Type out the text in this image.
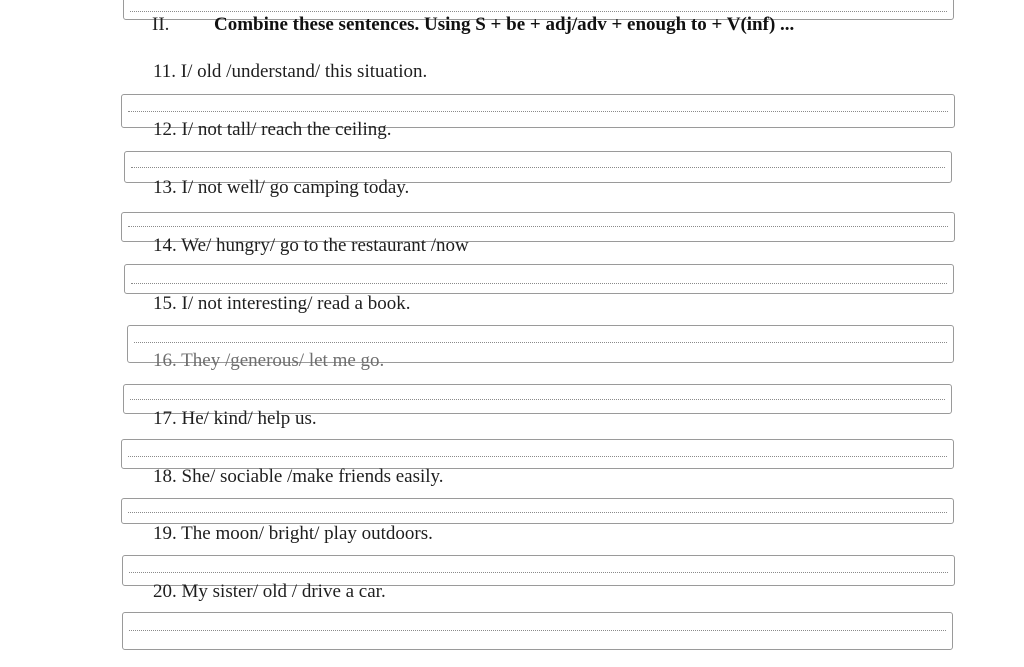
II.	Combine these sentences. Using S + be + adj/adv + enough to + V(inf) ...
11. I/ old /understand/ this situation.
12. I/ not tall/ reach the ceiling.
13. I/ not well/ go camping today.
14. We/ hungry/ go to the restaurant /now
15. I/ not interesting/ read a book.
16. They /generous/ let me go.
17. He/ kind/ help us.
18. She/ sociable /make friends easily.
19. The moon/ bright/ play outdoors.
20. My sister/ old / drive a car.
